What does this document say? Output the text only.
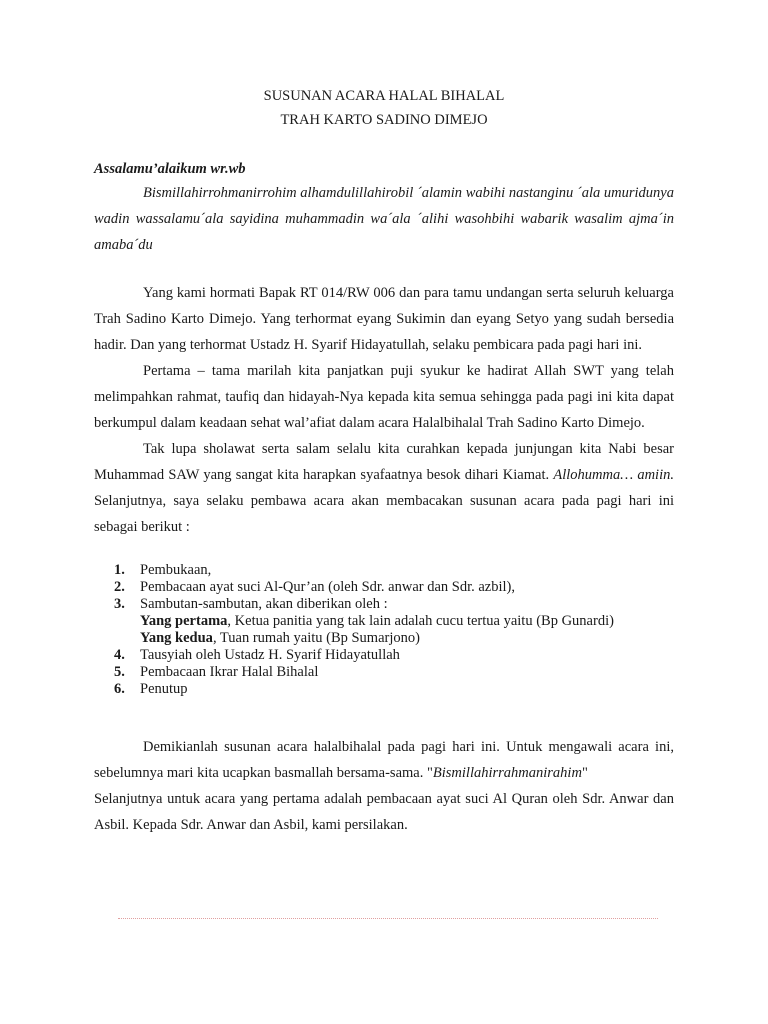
SUSUNAN ACARA HALAL BIHALAL

TRAH KARTO SADINO DIMEJO

Assalamu’alaikum wr.wb

Bismillahirrohmanirrohim alhamdulillahirobil ´alamin wabihi nastanginu ´ala umuridunya wadin wassalamu´ala sayidina muhammadin wa´ala ´alihi wasohbihi wabarik wasalim ajma´in amaba´du

Yang kami hormati Bapak RT 014/RW 006 dan para tamu undangan serta seluruh keluarga Trah Sadino Karto Dimejo. Yang terhormat eyang Sukimin dan eyang Setyo yang sudah bersedia hadir. Dan yang terhormat Ustadz H. Syarif Hidayatullah, selaku pembicara pada pagi hari ini.

Pertama – tama marilah kita panjatkan puji syukur ke hadirat Allah SWT yang telah melimpahkan rahmat, taufiq dan hidayah-Nya kepada kita semua sehingga pada pagi ini kita dapat berkumpul dalam keadaan sehat wal’afiat dalam acara Halalbihalal Trah Sadino Karto Dimejo.

Tak lupa sholawat serta salam selalu kita curahkan kepada junjungan kita Nabi besar Muhammad SAW yang sangat kita harapkan syafaatnya besok dihari Kiamat. Allohumma… amiin. Selanjutnya, saya selaku pembawa acara akan membacakan susunan acara pada pagi hari ini sebagai berikut :

1.	Pembukaan,
2.	Pembacaan ayat suci Al-Qur’an (oleh Sdr. anwar dan Sdr. azbil),
3.	Sambutan-sambutan, akan diberikan oleh :
Yang pertama, Ketua panitia yang tak lain adalah cucu tertua yaitu (Bp Gunardi)
Yang kedua, Tuan rumah yaitu (Bp Sumarjono)
4.	Tausyiah oleh Ustadz H. Syarif Hidayatullah
5.	Pembacaan Ikrar Halal Bihalal
6.	Penutup

Demikianlah susunan acara halalbihalal pada pagi hari ini. Untuk mengawali acara ini, sebelumnya mari kita ucapkan basmallah bersama-sama. "Bismillahirrahmanirahim"

Selanjutnya untuk acara yang pertama adalah pembacaan ayat suci Al Quran oleh Sdr. Anwar dan Asbil. Kepada Sdr. Anwar dan Asbil, kami persilakan.
